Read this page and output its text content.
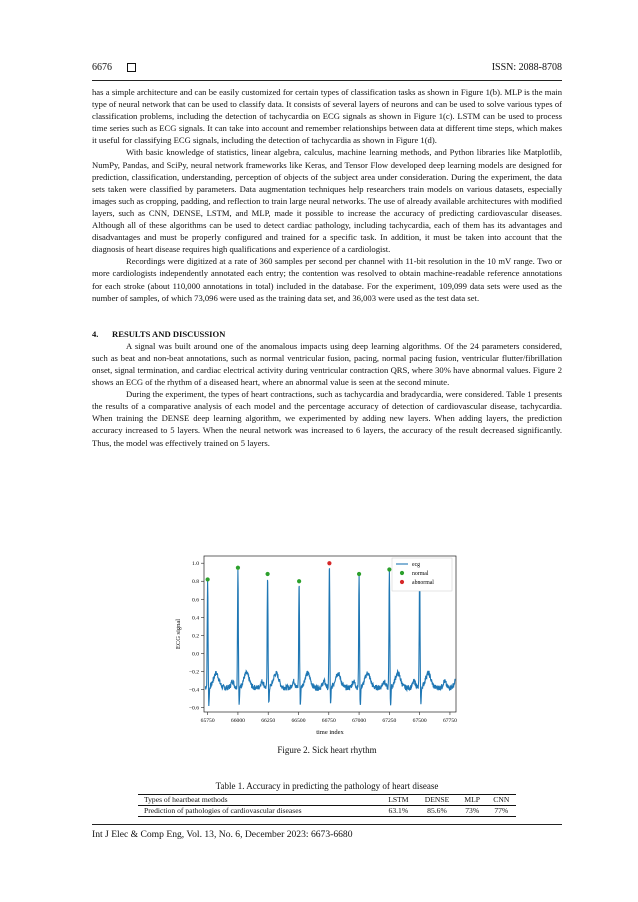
6676	ISSN: 2088-8708

has a simple architecture and can be easily customized for certain types of classification tasks as shown in Figure 1(b). MLP is the main type of neural network that can be used to classify data. It consists of several layers of neurons and can be used to solve various types of classification problems, including the detection of tachycardia on ECG signals as shown in Figure 1(c). LSTM can be used to process time series such as ECG signals. It can take into account and remember relationships between data at different time steps, which makes it useful for classifying ECG signals, including the detection of tachycardia as shown in Figure 1(d).

With basic knowledge of statistics, linear algebra, calculus, machine learning methods, and Python libraries like Matplotlib, NumPy, Pandas, and SciPy, neural network frameworks like Keras, and Tensor Flow developed deep learning models are designed for prediction, classification, understanding, perception of objects of the subject area under consideration. During the experiment, the data sets taken were classified by parameters. Data augmentation techniques help researchers train models on various datasets, especially images such as cropping, padding, and reflection to train large neural networks. The use of already available architectures with modified layers, such as CNN, DENSE, LSTM, and MLP, made it possible to increase the accuracy of predicting cardiovascular diseases. Although all of these algorithms can be used to detect cardiac pathology, including tachycardia, each of them has its advantages and disadvantages and must be properly configured and trained for a specific task. In addition, it must be taken into account that the diagnosis of heart disease requires high qualifications and experience of a cardiologist.

Recordings were digitized at a rate of 360 samples per second per channel with 11-bit resolution in the 10 mV range. Two or more cardiologists independently annotated each entry; the contention was resolved to obtain machine-readable reference annotations for each stroke (about 110,000 annotations in total) included in the database. For the experiment, 109,099 data sets were used as the number of samples, of which 73,096 were used as the training data set, and 36,003 were used as the test data set.

4. RESULTS AND DISCUSSION

A signal was built around one of the anomalous impacts using deep learning algorithms. Of the 24 parameters considered, such as beat and non-beat annotations, such as normal ventricular fusion, pacing, normal pacing fusion, ventricular flutter/fibrillation onset, signal termination, and cardiac electrical activity during ventricular contraction QRS, where 30% have abnormal values. Figure 2 shows an ECG of the rhythm of a diseased heart, where an abnormal value is seen at the second minute.

During the experiment, the types of heart contractions, such as tachycardia and bradycardia, were considered. Table 1 presents the results of a comparative analysis of each model and the percentage accuracy of detection of cardiovascular disease, tachycardia. When training the DENSE deep learning algorithm, we experimented by adding new layers. When adding layers, the prediction accuracy increased to 5 layers. When the neural network was increased to 6 layers, the accuracy of the result decreased significantly. Thus, the model was effectively trained on 5 layers.

65750	66000	66250	66500	66750	67000	67250	67500	67750
−0.6
−0.4
−0.2
0.0
0.2
0.4
0.6
0.8
1.0
time index
ECG signal
ecg
normal
abnormal
Figure 2. Sick heart rhythm
Table 1. Accuracy in predicting the pathology of heart disease
Types of heartbeat methods	LSTM	DENSE	MLP	CNN
Prediction of pathologies of cardiovascular diseases	63.1%	85.6%	73%	77%
Int J Elec & Comp Eng, Vol. 13, No. 6, December 2023: 6673-6680
